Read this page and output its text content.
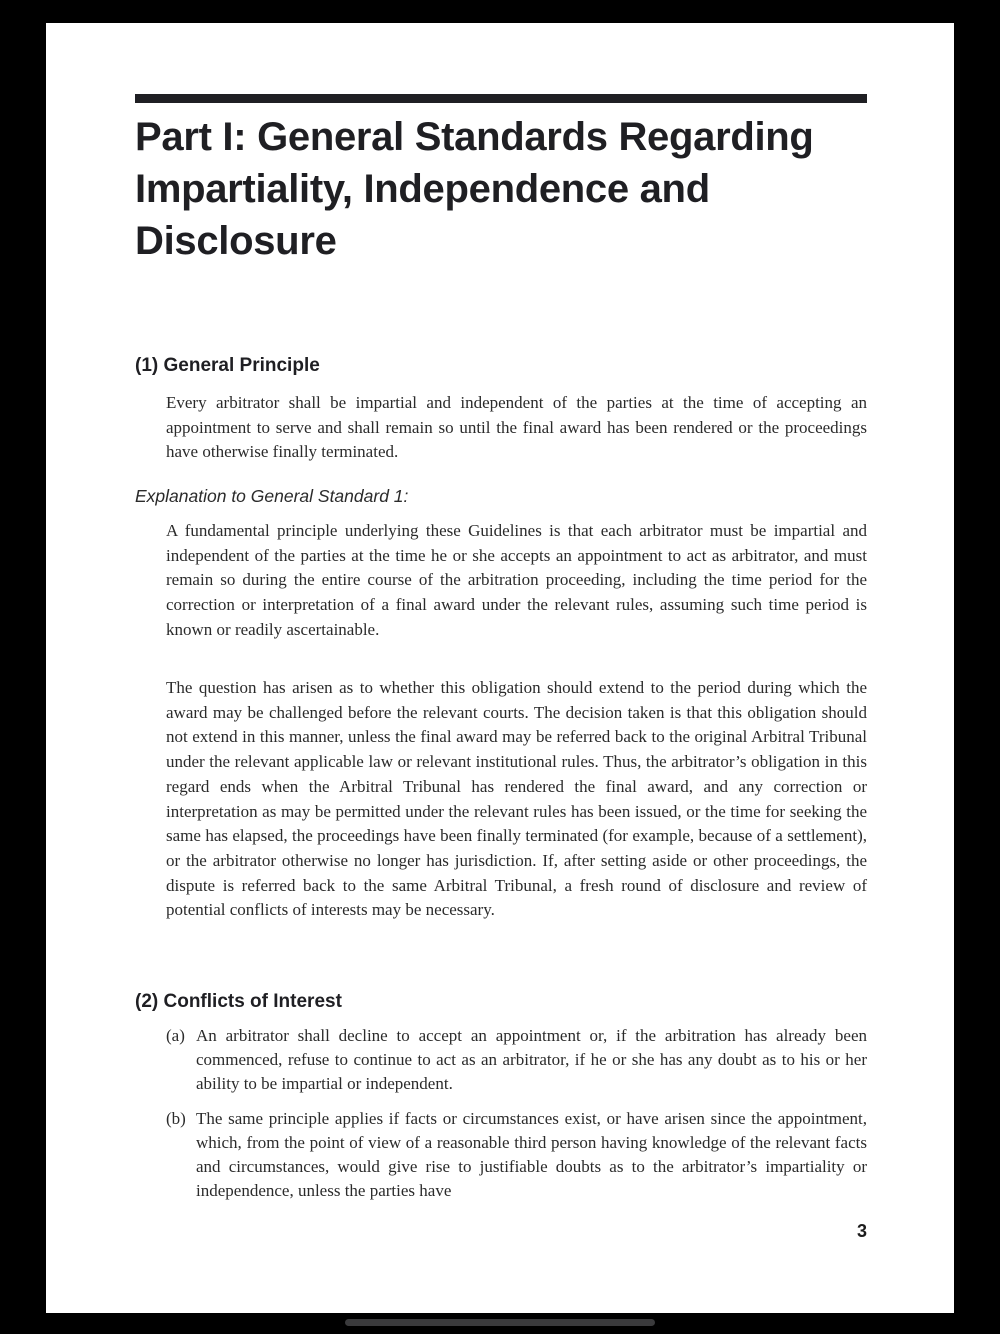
Part I: General Standards Regarding
Impartiality, Independence and
Disclosure
(1) General Principle

Every arbitrator shall be impartial and independent of the parties at the time of accepting an appointment to serve and shall remain so until the final award has been rendered or the proceedings have otherwise finally terminated.

Explanation to General Standard 1:

A fundamental principle underlying these Guidelines is that each arbitrator must be impartial and independent of the parties at the time he or she accepts an appointment to act as arbitrator, and must remain so during the entire course of the arbitration proceeding, including the time period for the correction or interpretation of a final award under the relevant rules, assuming such time period is known or readily ascertainable.

The question has arisen as to whether this obligation should extend to the period during which the award may be challenged before the relevant courts. The decision taken is that this obligation should not extend in this manner, unless the final award may be referred back to the original Arbitral Tribunal under the relevant applicable law or relevant institutional rules. Thus, the arbitrator’s obligation in this regard ends when the Arbitral Tribunal has rendered the final award, and any correction or interpretation as may be permitted under the relevant rules has been issued, or the time for seeking the same has elapsed, the proceedings have been finally terminated (for example, because of a settlement), or the arbitrator otherwise no longer has jurisdiction. If, after setting aside or other proceedings, the dispute is referred back to the same Arbitral Tribunal, a fresh round of disclosure and review of potential conflicts of interests may be necessary.

(2) Conflicts of Interest
(a) An arbitrator shall decline to accept an appointment or, if the arbitration has already been commenced, refuse to continue to act as an arbitrator, if he or she has any doubt as to his or her ability to be impartial or independent.

(b) The same principle applies if facts or circumstances exist, or have arisen since the appointment, which, from the point of view of a reasonable third person having knowledge of the relevant facts and circumstances, would give rise to justifiable doubts as to the arbitrator’s impartiality or independence, unless the parties have

3
